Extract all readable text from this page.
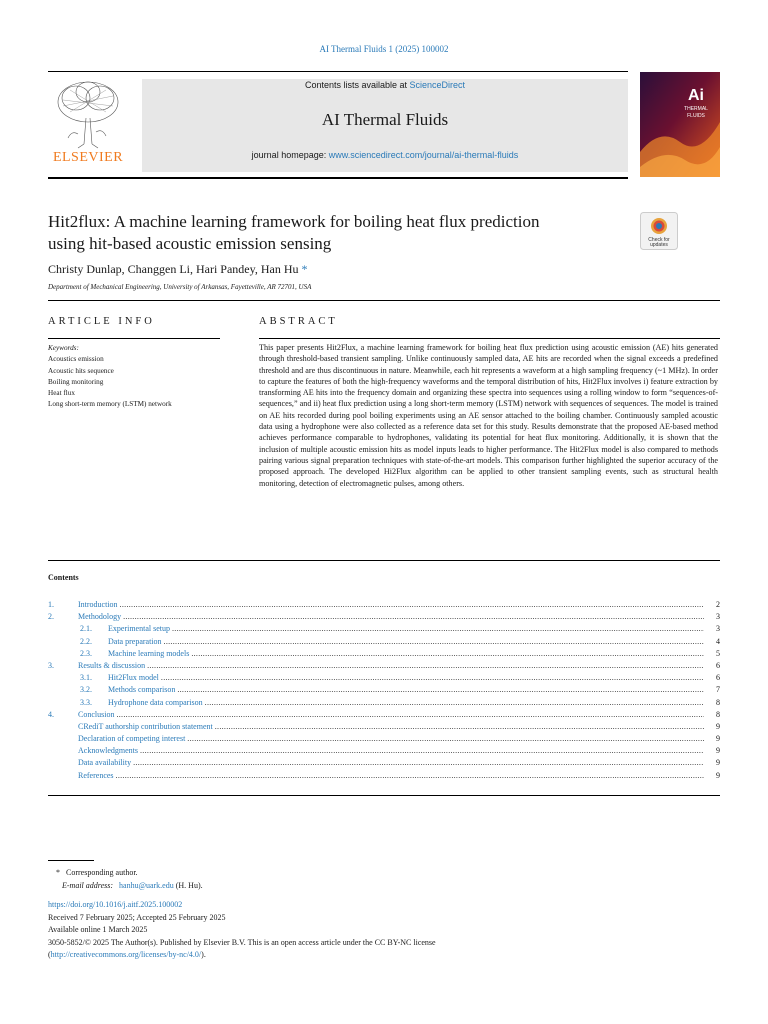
AI Thermal Fluids 1 (2025) 100002
Contents lists available at ScienceDirect
AI Thermal Fluids
journal homepage: www.sciencedirect.com/journal/ai-thermal-fluids
ELSEVIER
Ai
THERMAL
FLUIDS
Hit2flux: A machine learning framework for boiling heat flux prediction
using hit-based acoustic emission sensing	Check for
updates
Christy Dunlap, Changgen Li, Hari Pandey, Han Hu *
Department of Mechanical Engineering, University of Arkansas, Fayetteville, AR 72701, USA
ARTICLE INFO	ABSTRACT
Keywords:
Acoustics emission
Acoustic hits sequence
Boiling monitoring
Heat flux
Long short-term memory (LSTM) network
This paper presents Hit2Flux, a machine learning framework for boiling heat flux prediction using acoustic emission (AE) hits generated through threshold-based transient sampling. Unlike continuously sampled data, AE hits are recorded when the signal exceeds a predefined threshold and are thus discontinuous in nature. Meanwhile, each hit represents a waveform at a high sampling frequency (~1 MHz). In order to capture the features of both the high-frequency waveforms and the temporal distribution of hits, Hit2Flux involves i) feature extraction by transforming AE hits into the frequency domain and organizing these spectra into sequences using a rolling window to form “sequences-of-sequences,” and ii) heat flux prediction using a long short-term memory (LSTM) network with sequences of sequences. The model is trained on AE hits recorded during pool boiling experiments using an AE sensor attached to the boiling chamber. Continuously sampled acoustic data using a hydrophone were also collected as a reference data set for this study. Results demonstrate that the proposed AE-based method achieves performance comparable to hydrophones, validating its potential for heat flux monitoring. Additionally, it is shown that the inclusion of multiple acoustic emission hits as model inputs leads to higher performance. The Hit2Flux model is also compared to methods pairing various signal preparation techniques with state-of-the-art models. This comparison further highlighted the superior accuracy of the proposed approach. The developed Hi2Flux algorithm can be applied to other transient sampling events, such as structural health monitoring, detection of electromagnetic pulses, among others.
Contents
1.	Introduction .....	2
2.	Methodology .....	3
2.1.	Experimental setup .....	3
2.2.	Data preparation .....	4
2.3.	Machine learning models .....	5
3.	Results & discussion .....	6
3.1.	Hit2Flux model .....	6
3.2.	Methods comparison .....	7
3.3.	Hydrophone data comparison .....	8
4.	Conclusion .....	8
CRediT authorship contribution statement .....	9
Declaration of competing interest .....	9
Acknowledgments .....	9
Data availability .....	9
References .....	9
* Corresponding author.
E-mail address: hanhu@uark.edu (H. Hu).
https://doi.org/10.1016/j.aitf.2025.100002
Received 7 February 2025; Accepted 25 February 2025
Available online 1 March 2025
3050-5852/© 2025 The Author(s). Published by Elsevier B.V. This is an open access article under the CC BY-NC license
(http://creativecommons.org/licenses/by-nc/4.0/).
